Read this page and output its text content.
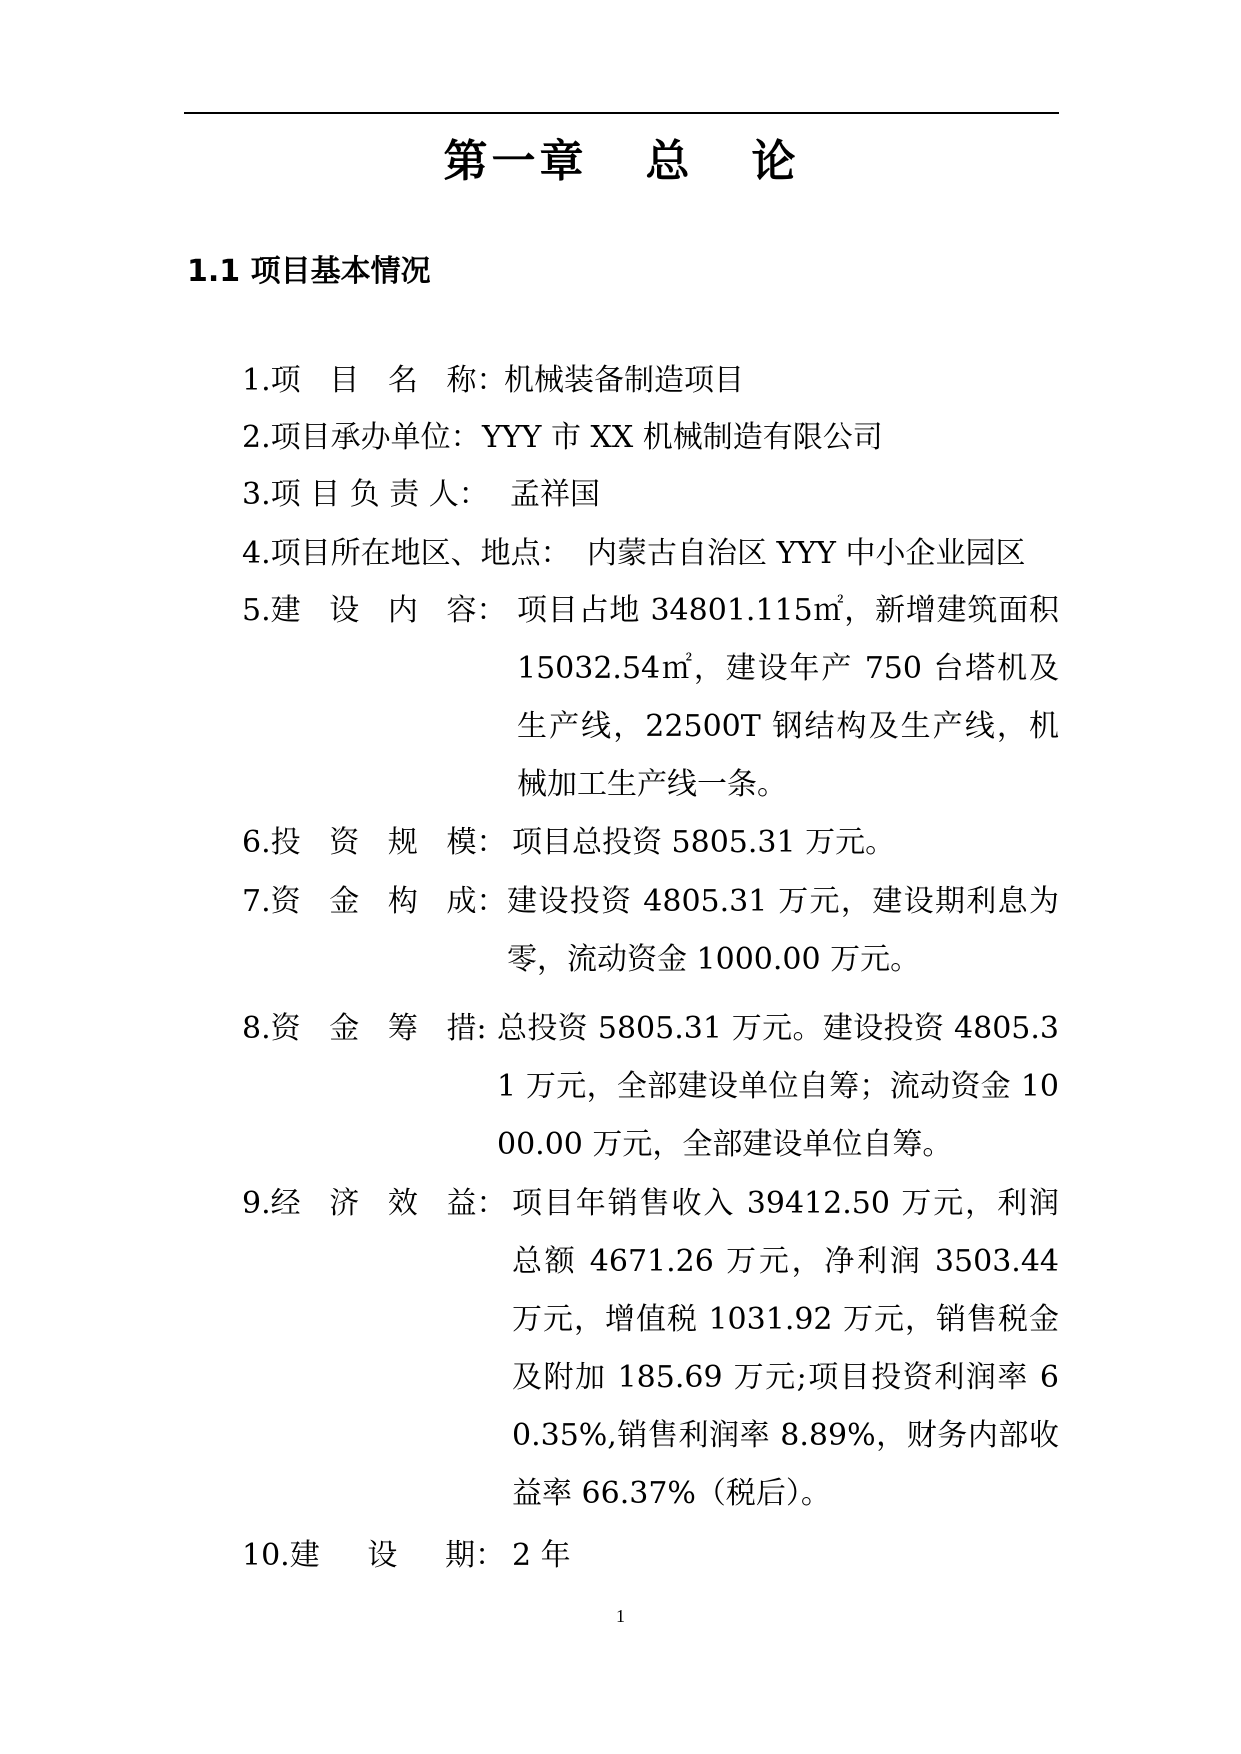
第一章   总   论
1.1 项目基本情况
1.项   目   名   称：
机械装备制造项目
2.项目承办单位： YYY 市 XX 机械制造有限公司
3.项 目 负 责 人： 孟祥国
4.项目所在地区、地点： 内蒙古自治区 YYY 中小企业园区
5.建   设   内   容： 项目占地 34801.115㎡，新增建筑面积 15032.54㎡，建设年产 750 台塔机及生产线，22500T 钢结构及生产线，机械加工生产线一条。
6.投   资   规   模： 项目总投资 5805.31 万元。
7.资   金   构   成： 建设投资 4805.31 万元，建设期利息为零，流动资金 1000.00 万元。
8.资   金   筹   措: 总投资 5805.31 万元。建设投资 4805.31 万元，全部建设单位自筹；流动资金 1000.00 万元，全部建设单位自筹。
9.经   济   效   益： 项目年销售收入 39412.50 万元，利润总额 4671.26 万元，净利润 3503.44 万元，增值税 1031.92 万元，销售税金及附加 185.69 万元;项目投资利润率 60.35%,销售利润率 8.89%，财务内部收益率 66.37%（税后）。
10.建     设     期： 2 年
1
